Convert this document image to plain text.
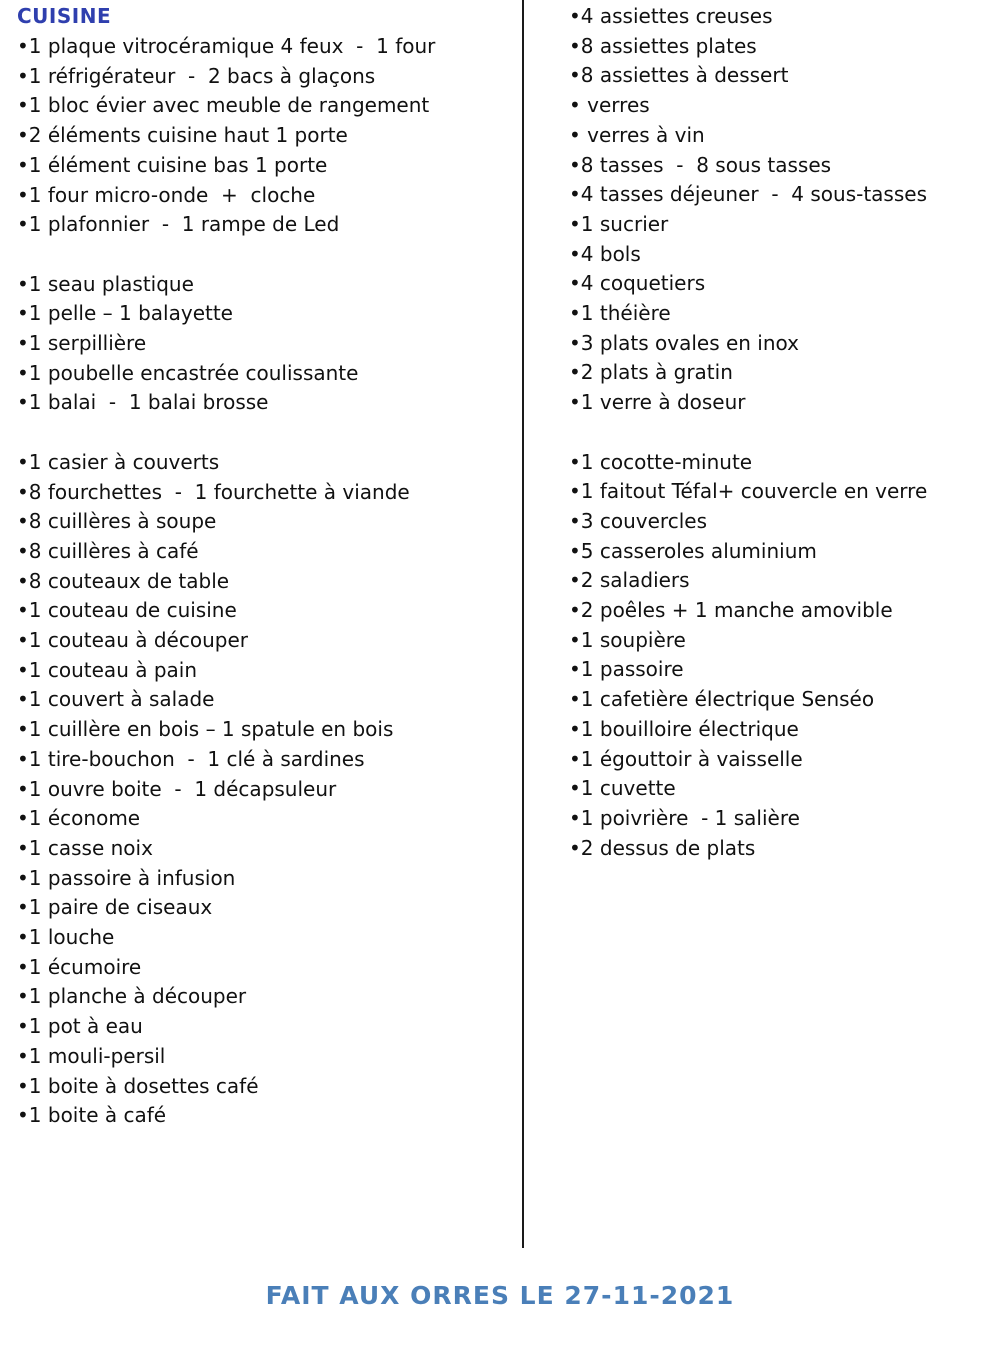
CUISINE
•1 plaque vitrocéramique 4 feux  -  1 four
•1 réfrigérateur  -  2 bacs à glaçons
•1 bloc évier avec meuble de rangement
•2 éléments cuisine haut 1 porte
•1 élément cuisine bas 1 porte
•1 four micro-onde  +  cloche
•1 plafonnier  -  1 rampe de Led
•1 seau plastique
•1 pelle – 1 balayette
•1 serpillière
•1 poubelle encastrée coulissante
•1 balai  -  1 balai brosse
•1 casier à couverts
•8 fourchettes  -  1 fourchette à viande
•8 cuillères à soupe
•8 cuillères à café
•8 couteaux de table
•1 couteau de cuisine
•1 couteau à découper
•1 couteau à pain
•1 couvert à salade
•1 cuillère en bois – 1 spatule en bois
•1 tire-bouchon  -  1 clé à sardines
•1 ouvre boite  -  1 décapsuleur
•1 économe
•1 casse noix
•1 passoire à infusion
•1 paire de ciseaux
•1 louche
•1 écumoire
•1 planche à découper
•1 pot à eau
•1 mouli-persil
•1 boite à dosettes café
•1 boite à café
•4 assiettes creuses
•8 assiettes plates
•8 assiettes à dessert
• verres
• verres à vin
•8 tasses  -  8 sous tasses
•4 tasses déjeuner  -  4 sous-tasses
•1 sucrier
•4 bols
•4 coquetiers
•1 théière
•3 plats ovales en inox
•2 plats à gratin
•1 verre à doseur
•1 cocotte-minute
•1 faitout Téfal+ couvercle en verre
•3 couvercles
•5 casseroles aluminium
•2 saladiers
•2 poêles + 1 manche amovible
•1 soupière
•1 passoire
•1 cafetière électrique Senséo
•1 bouilloire électrique
•1 égouttoir à vaisselle
•1 cuvette
•1 poivrière  - 1 salière
•2 dessus de plats
FAIT AUX ORRES LE 27-11-2021
